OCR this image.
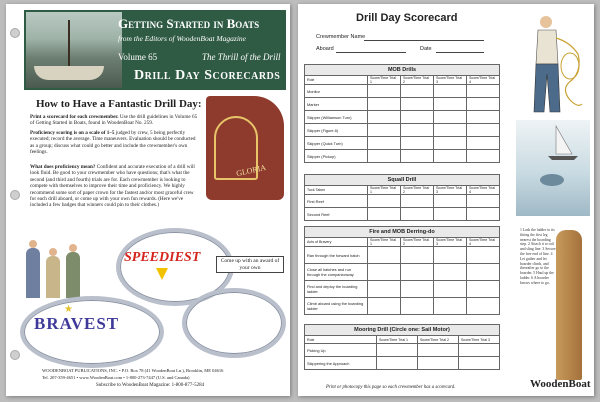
Getting Started in Boats
from the Editors of WoodenBoat Magazine
Volume 65	The Thrill of the Drill
Drill Day Scorecards
GLORIA
How to Have a Fantastic Drill Day:
Print a scorecard for each crewmember. Use the drill guidelines in Volume 65 of Getting Started in Boats, found in WoodenBoat No. 259.
Proficiency scoring is on a scale of 1–5 judged by crew, 5 being perfectly executed; record the average. Time maneuvers. Evaluation should be conducted as a group; discuss what could go better and include the crewmember's own feelings.
What does proficiency mean? Confident and accurate execution of a drill will look fluid. Be good to your crewmember who have questions; that's what the second (and third and fourth) trials are for. Each crewmember is looking to compete with themselves to improve their time and proficiency. We highly recommend some sort of paper crown for the fastest and/or most graceful crew for each drill aboard, or come up with your own fun rewards. (Here we've included a few badges that winners could pin to their clothes.)
SPEEDIEST
★
BRAVEST
Come up with an award of your own
WOODENBOAT PUBLICATIONS, INC. • P.O. Box 78 (41 WoodenBoat Ln.), Brooklin, ME 04616
Tel. 207-359-4651 • www.WoodenBoat.com • 1-800-273-7447 (U.S. and Canada)
Subscribe to WoodenBoat Magazine: 1-800-877-5284
Drill Day Scorecard
Crewmember Name
Aboard	Date
MOB Drills				
Role	Score/Time Trial 1	Score/Time Trial 2	Score/Time Trial 3	Score/Time Trial 4
Monitor				
Marker				
Skipper (Williamson Turn)				
Skipper (Figure 8)				
Skipper (Quick Turn)				
Skipper (Pickup)				
Squall Drill				
Tuck Taken	Score/Time Trial 1	Score/Time Trial 2	Score/Time Trial 3	Score/Time Trial 4
First Reef				
Second Reef				
Fire and MOB Derring-do				
Acts of Bravery	Score/Time Trial 1	Score/Time Trial 2	Score/Time Trial 3	Score/Time Trial 4
Ran through the forward hatch				
Close all hatches and run through the companionway				
Find and deploy the boarding ladder				
Climb aboard using the boarding ladder				
Mooring Drill (Circle one: Sail Motor)			
Role	Score/Time Trial 1	Score/Time Trial 2	Score/Time Trial 3
Picking Up			
Skippering the Approach			
1 Lash the ladder to its fitting the first leg nearest the boarding step. 2 Attach it to rail and sling line. 3 Secure the free end of line. 4 Let gather and let boarder climb, and thereafter go to the boarder. 5 Haul up the ladder. 6 A boarder knows where to go.
Print or photocopy this page so each crewmember has a scorecard.	WoodenBoat
